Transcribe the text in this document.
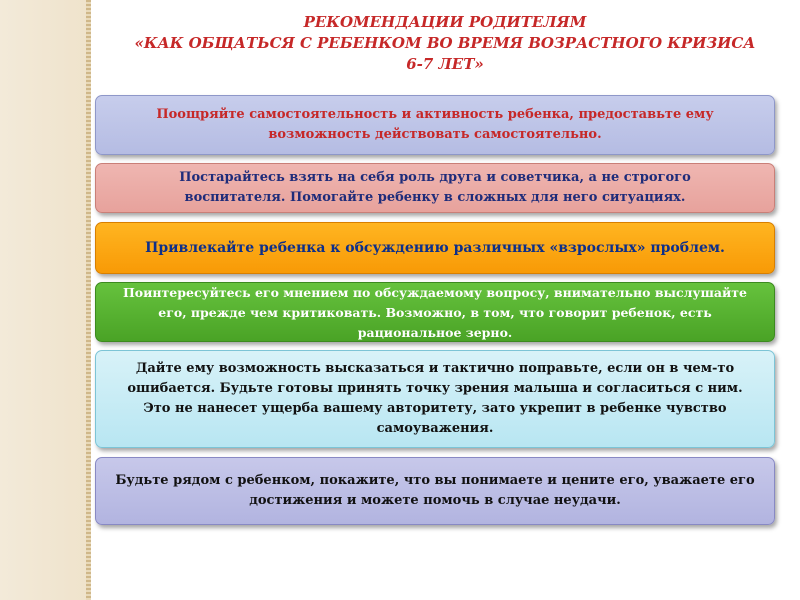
РЕКОМЕНДАЦИИ РОДИТЕЛЯМ
«КАК ОБЩАТЬСЯ С РЕБЕНКОМ ВО ВРЕМЯ ВОЗРАСТНОГО КРИЗИСА
6-7 ЛЕТ»
Поощряйте самостоятельность и активность ребенка, предоставьте ему
возможность действовать самостоятельно.
Постарайтесь взять на себя роль друга и советчика, а не строгого
воспитателя. Помогайте ребенку в сложных для него ситуациях.
Привлекайте ребенка к обсуждению различных «взрослых» проблем.
Поинтересуйтесь его мнением по обсуждаемому вопросу, внимательно выслушайте
его, прежде чем критиковать. Возможно, в том, что говорит ребенок, есть
рациональное зерно.
Дайте ему возможность высказаться и тактично поправьте, если он в чем-то
ошибается. Будьте готовы принять точку зрения малыша и согласиться с ним.
Это не нанесет ущерба вашему авторитету, зато укрепит в ребенке чувство
самоуважения.
Будьте рядом с ребенком, покажите, что вы понимаете и цените его, уважаете его
достижения и можете помочь в случае неудачи.
